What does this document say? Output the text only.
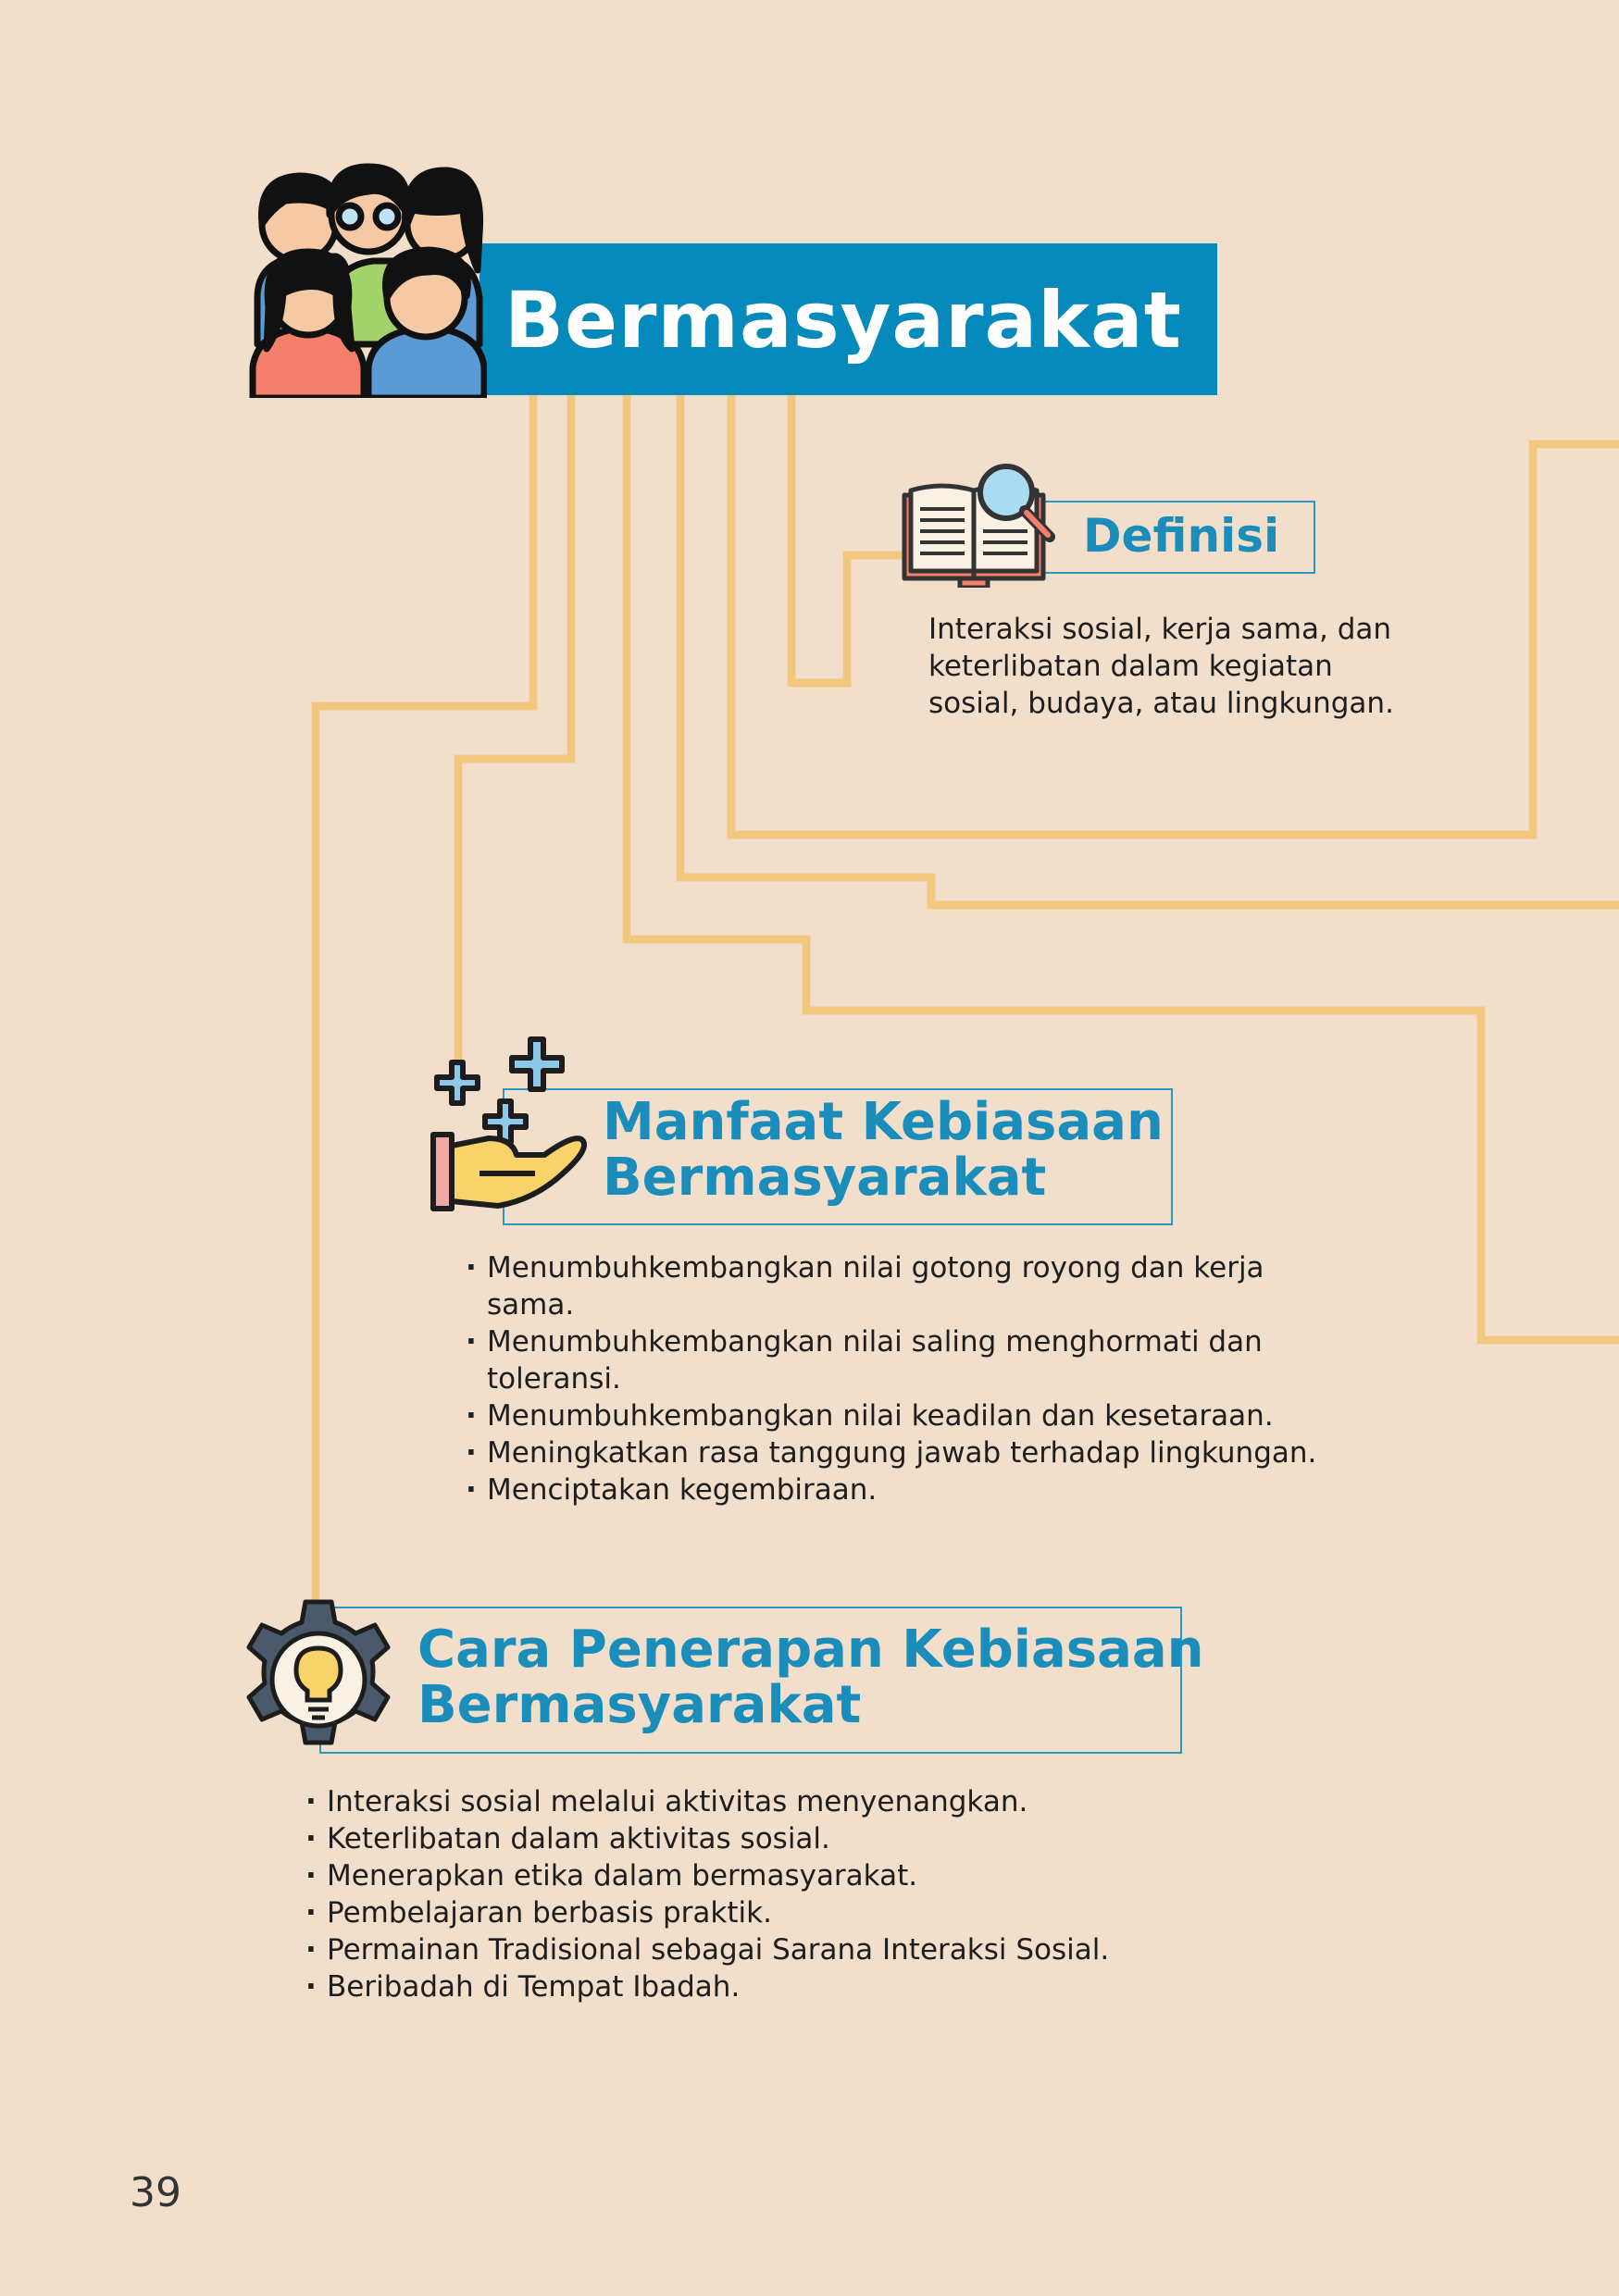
Bermasyarakat
Definisi
Interaksi sosial, kerja sama, dan keterlibatan dalam kegiatan sosial, budaya, atau lingkungan.
Manfaat Kebiasaan
Bermasyarakat
· Menumbuhkembangkan nilai gotong royong dan kerja sama.
· Menumbuhkembangkan nilai saling menghormati dan toleransi.
· Menumbuhkembangkan nilai keadilan dan kesetaraan.
· Meningkatkan rasa tanggung jawab terhadap lingkungan.
· Menciptakan kegembiraan.
Cara Penerapan Kebiasaan
Bermasyarakat
· Interaksi sosial melalui aktivitas menyenangkan.
· Keterlibatan dalam aktivitas sosial.
· Menerapkan etika dalam bermasyarakat.
· Pembelajaran berbasis praktik.
· Permainan Tradisional sebagai Sarana Interaksi Sosial.
· Beribadah di Tempat Ibadah.
39
